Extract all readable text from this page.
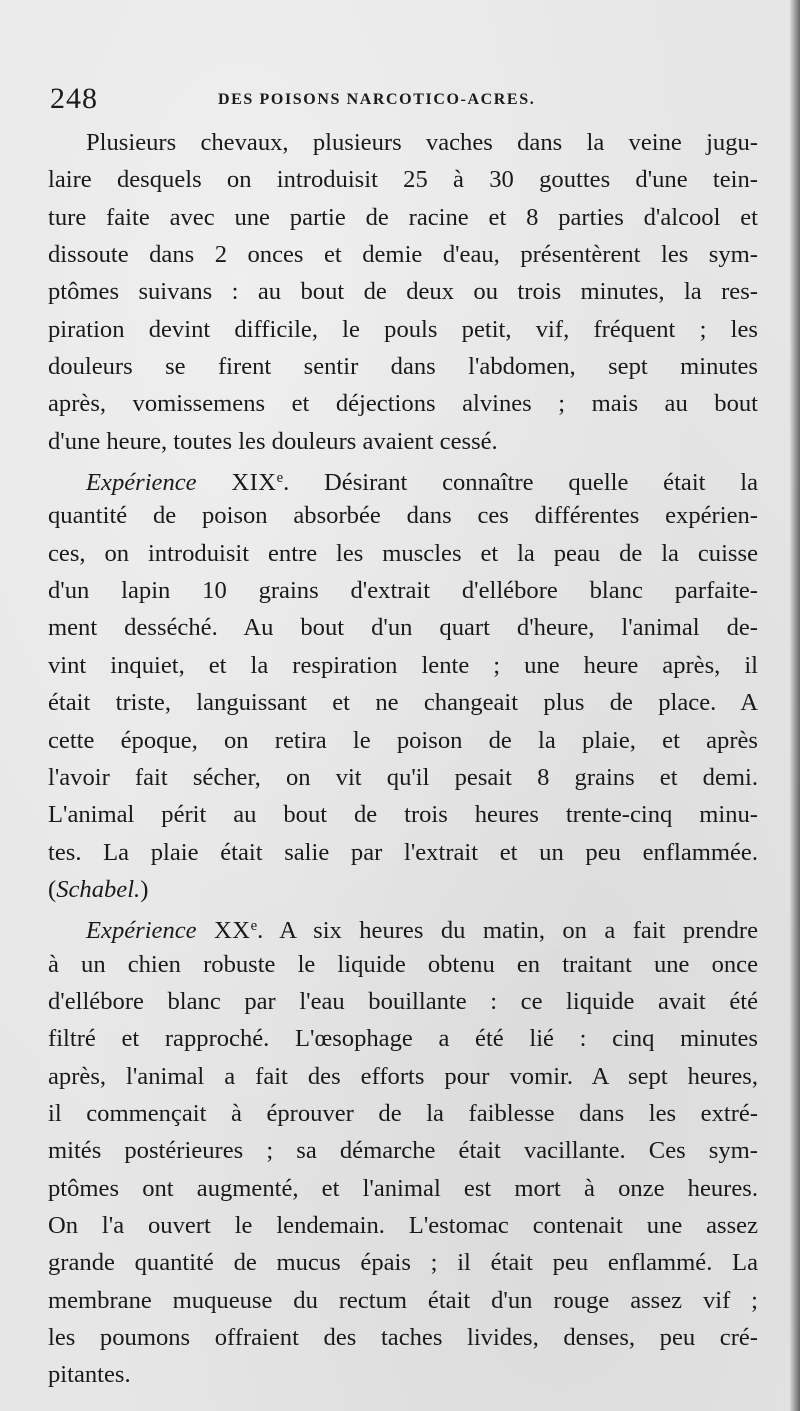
248	DES POISONS NARCOTICO-ACRES.
Plusieurs chevaux, plusieurs vaches dans la veine jugu-
laire desquels on introduisit 25 à 30 gouttes d'une tein-
ture faite avec une partie de racine et 8 parties d'alcool et
dissoute dans 2 onces et demie d'eau, présentèrent les sym-
ptômes suivans : au bout de deux ou trois minutes, la res-
piration devint difficile, le pouls petit, vif, fréquent ; les
douleurs se firent sentir dans l'abdomen, sept minutes
après, vomissemens et déjections alvines ; mais au bout
d'une heure, toutes les douleurs avaient cessé.
Expérience XIXe. Désirant connaître quelle était la
quantité de poison absorbée dans ces différentes expérien-
ces, on introduisit entre les muscles et la peau de la cuisse
d'un lapin 10 grains d'extrait d'ellébore blanc parfaite-
ment desséché. Au bout d'un quart d'heure, l'animal de-
vint inquiet, et la respiration lente ; une heure après, il
était triste, languissant et ne changeait plus de place. A
cette époque, on retira le poison de la plaie, et après
l'avoir fait sécher, on vit qu'il pesait 8 grains et demi.
L'animal périt au bout de trois heures trente-cinq minu-
tes. La plaie était salie par l'extrait et un peu enflammée.
(Schabel.)
Expérience XXe. A six heures du matin, on a fait prendre
à un chien robuste le liquide obtenu en traitant une once
d'ellébore blanc par l'eau bouillante : ce liquide avait été
filtré et rapproché. L'œsophage a été lié : cinq minutes
après, l'animal a fait des efforts pour vomir. A sept heures,
il commençait à éprouver de la faiblesse dans les extré-
mités postérieures ; sa démarche était vacillante. Ces sym-
ptômes ont augmenté, et l'animal est mort à onze heures.
On l'a ouvert le lendemain. L'estomac contenait une assez
grande quantité de mucus épais ; il était peu enflammé. La
membrane muqueuse du rectum était d'un rouge assez vif ;
les poumons offraient des taches livides, denses, peu cré-
pitantes.
